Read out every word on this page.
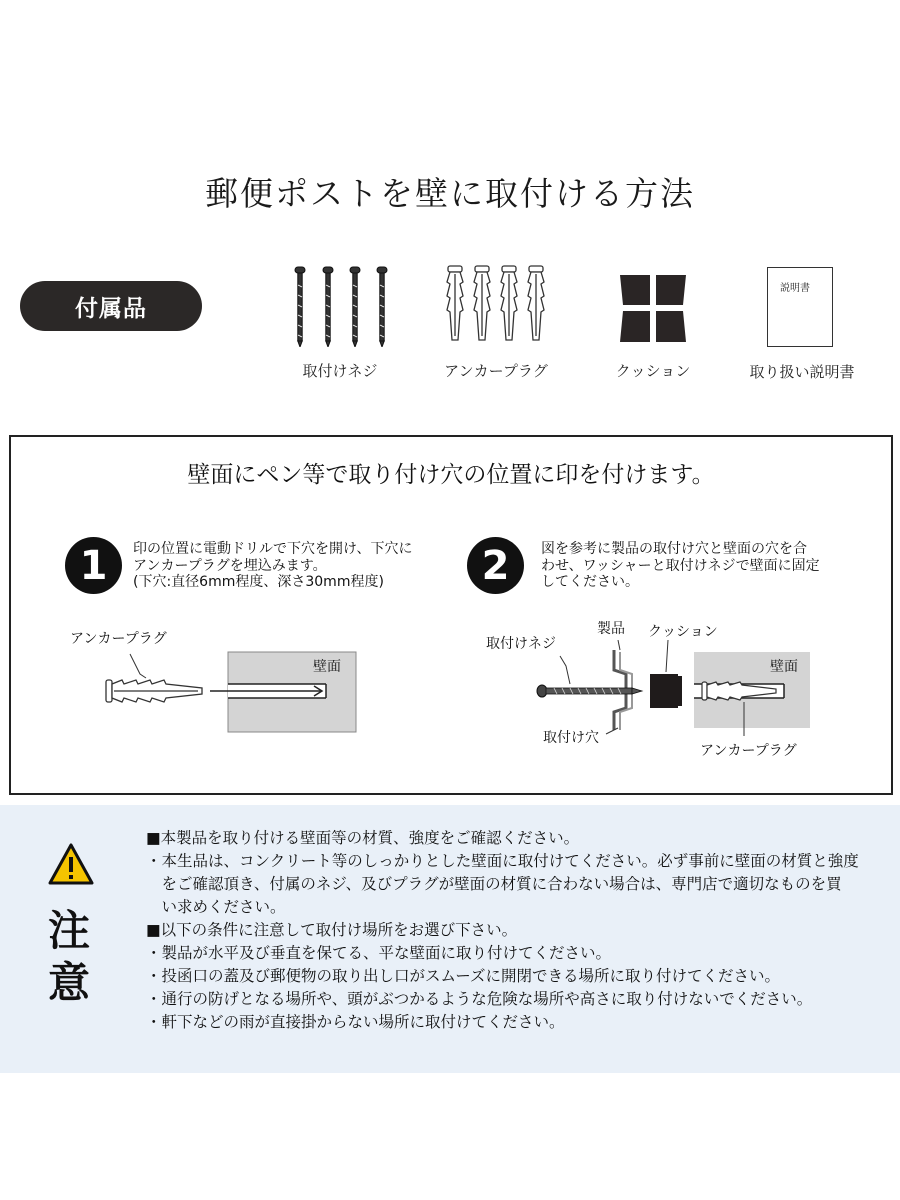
郵便ポストを壁に取付ける方法
付属品
取付けネジ	アンカープラグ	クッション
説明書
取り扱い説明書
壁面にペン等で取り付け穴の位置に印を付けます。
1	印の位置に電動ドリルで下穴を開け、下穴に
アンカープラグを埋込みます。
(下穴:直径6mm程度、深さ30mm程度)
アンカープラグ
壁面
2	図を参考に製品の取付け穴と壁面の穴を合
わせ、ワッシャーと取付けネジで壁面に固定
してください。
取付けネジ
製品 クッション
壁面
取付け穴
アンカープラグ
注
意
■本製品を取り付ける壁面等の材質、強度をご確認ください。
・本生品は、コンクリート等のしっかりとした壁面に取付けてください。必ず事前に壁面の材質と強度
　をご確認頂き、付属のネジ、及びプラグが壁面の材質に合わない場合は、専門店で適切なものを買
　い求めください。
■以下の条件に注意して取付け場所をお選び下さい。
・製品が水平及び垂直を保てる、平な壁面に取り付けてください。
・投函口の蓋及び郵便物の取り出し口がスムーズに開閉できる場所に取り付けてください。
・通行の防げとなる場所や、頭がぶつかるような危険な場所や高さに取り付けないでください。
・軒下などの雨が直接掛からない場所に取付けてください。
